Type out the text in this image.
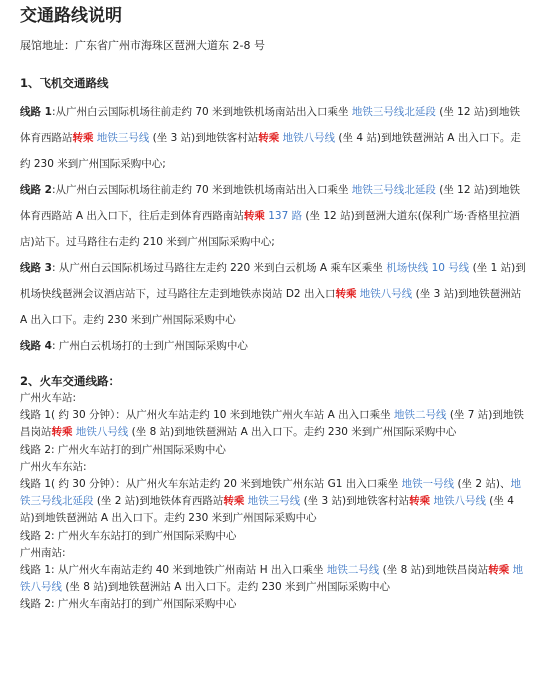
交通路线说明
展馆地址：广东省广州市海珠区琶洲大道东 2-8 号
1、飞机交通路线
线路 1:从广州白云国际机场往前走约 70 米到地铁机场南站出入口乘坐 地铁三号线北延段 (坐 12 站)到地铁体育西路站转乘 地铁三号线 (坐 3 站)到地铁客村站转乘 地铁八号线 (坐 4 站)到地铁琶洲站 A 出入口下。走约 230 米到广州国际采购中心;
线路 2:从广州白云国际机场往前走约 70 米到地铁机场南站出入口乘坐 地铁三号线北延段 (坐 12 站)到地铁体育西路站 A 出入口下，往后走到体育西路南站转乘 137 路 (坐 12 站)到琶洲大道东(保利广场·香格里拉酒店)站下。过马路往右走约 210 米到广州国际采购中心;
线路 3: 从广州白云国际机场过马路往左走约 220 米到白云机场 A 乘车区乘坐 机场快线 10 号线 (坐 1 站)到机场快线琶洲会议酒店站下，过马路往左走到地铁赤岗站 D2 出入口转乘 地铁八号线 (坐 3 站)到地铁琶洲站 A 出入口下。走约 230 米到广州国际采购中心
线路 4: 广州白云机场打的士到广州国际采购中心
2、火车交通线路：
广州火车站:
线路 1( 约 30 分钟）：从广州火车站走约 10 米到地铁广州火车站 A 出入口乘坐 地铁二号线 (坐 7 站)到地铁昌岗站转乘 地铁八号线 (坐 8 站)到地铁琶洲站 A 出入口下。走约 230 米到广州国际采购中心
线路 2: 广州火车站打的到广州国际采购中心
广州火车东站:
线路 1( 约 30 分钟）：从广州火车东站走约 20 米到地铁广州东站 G1 出入口乘坐 地铁一号线 (坐 2 站)、地铁三号线北延段 (坐 2 站)到地铁体育西路站转乘 地铁三号线 (坐 3 站)到地铁客村站转乘 地铁八号线 (坐 4 站)到地铁琶洲站 A 出入口下。走约 230 米到广州国际采购中心
线路 2: 广州火车东站打的到广州国际采购中心
广州南站:
线路 1: 从广州火车南站走约 40 米到地铁广州南站 H 出入口乘坐 地铁二号线 (坐 8 站)到地铁昌岗站转乘 地铁八号线 (坐 8 站)到地铁琶洲站 A 出入口下。走约 230 米到广州国际采购中心
线路 2: 广州火车南站打的到广州国际采购中心
